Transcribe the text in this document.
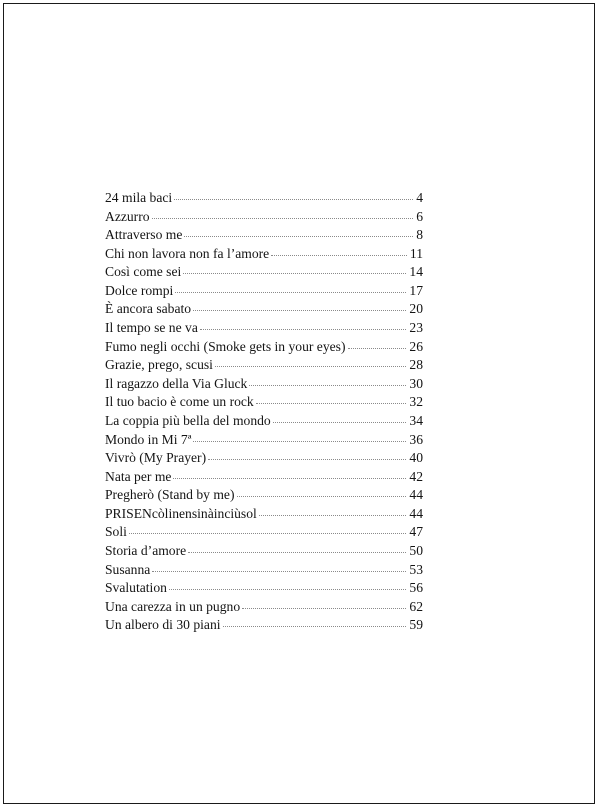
24 mila baci	4
Azzurro	6
Attraverso me	8
Chi non lavora non fa l’amore	11
Così come sei	14
Dolce rompi	17
È ancora sabato	20
Il tempo se ne va	23
Fumo negli occhi (Smoke gets in your eyes)	26
Grazie, prego, scusi	28
Il ragazzo della Via Gluck	30
Il tuo bacio è come un rock	32
La coppia più bella del mondo	34
Mondo in Mi 7ª	36
Vivrò (My Prayer)	40
Nata per me	42
Pregherò (Stand by me)	44
PRISENcòlinensinàinciùsol	44
Soli	47
Storia d’amore	50
Susanna	53
Svalutation	56
Una carezza in un pugno	62
Un albero di 30 piani	59
